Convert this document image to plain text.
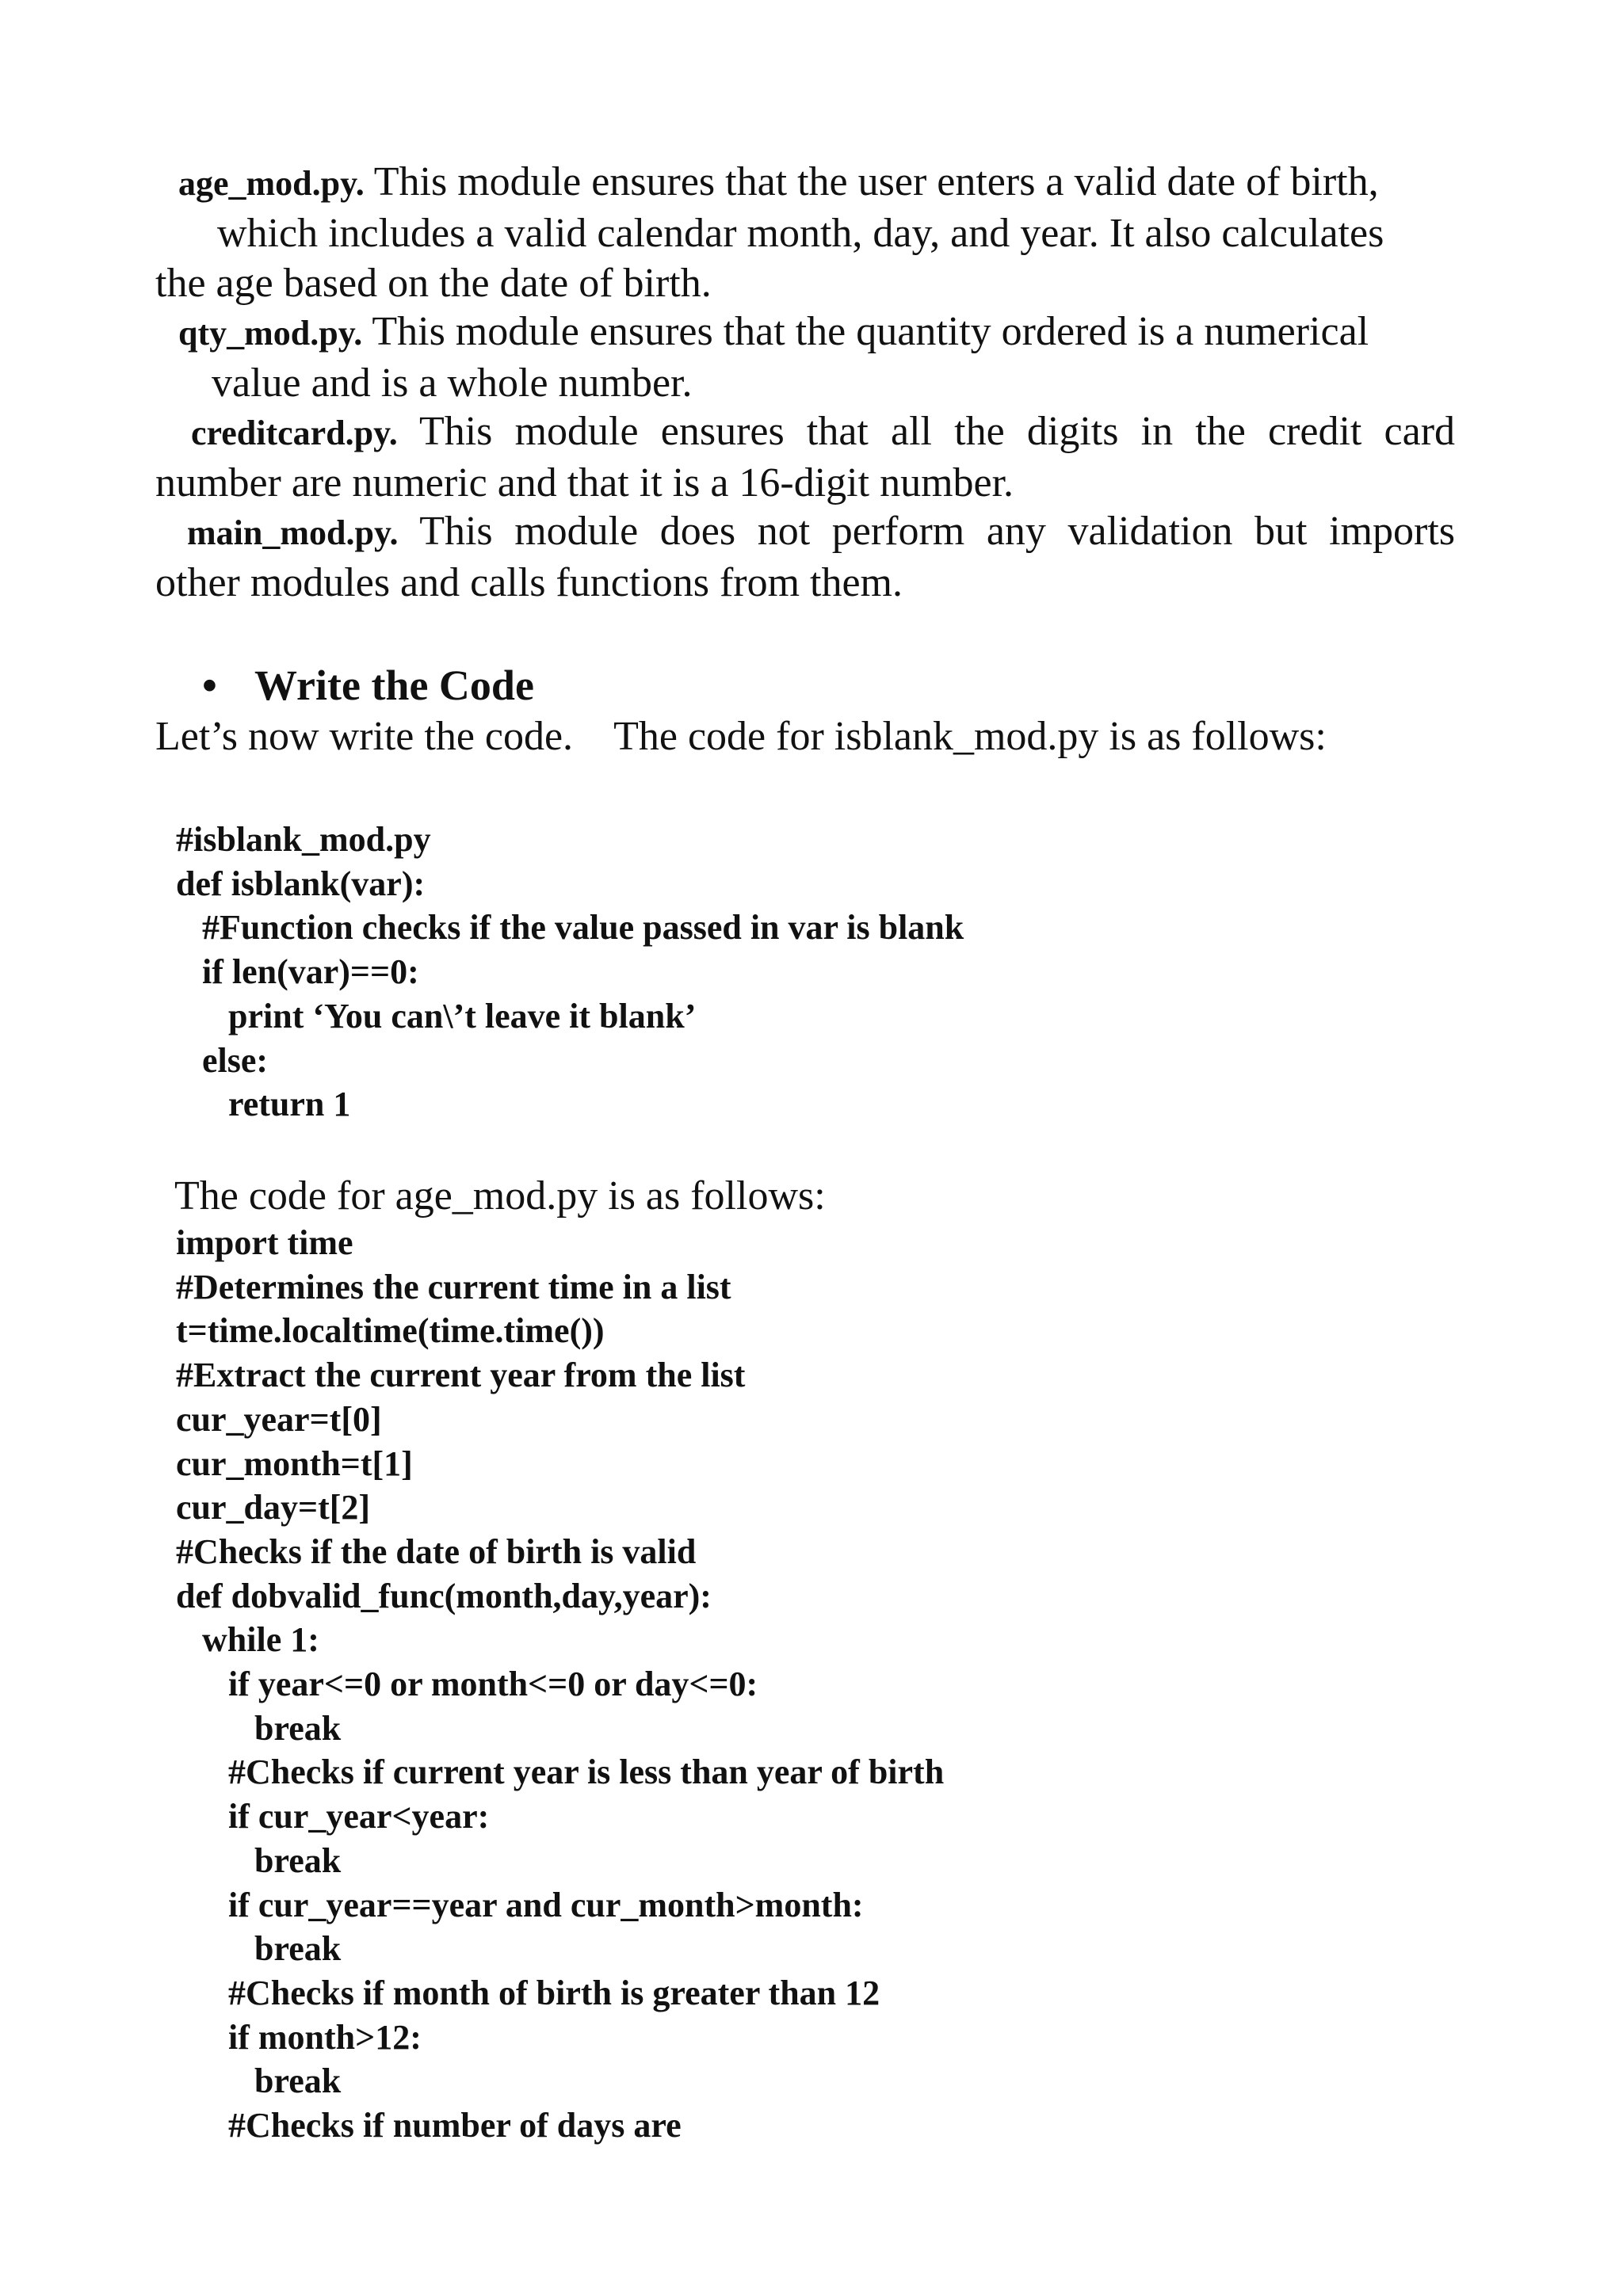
age_mod.py. This module ensures that the user enters a valid date of birth,
which includes a valid calendar month, day, and year. It also calculates
the age based on the date of birth.
qty_mod.py. This module ensures that the quantity ordered is a numerical
value and is a whole number.
creditcard.py. This module ensures that all the digits in the credit card
number are numeric and that it is a 16-digit number.
main_mod.py. This module does not perform any validation but imports
other modules and calls functions from them.
• Write the Code

Let’s now write the code.    The code for isblank_mod.py is as follows:

#isblank_mod.py
def isblank(var):
#Function checks if the value passed in var is blank
if len(var)==0:
print ‘You can\’t leave it blank’
else:
return 1

The code for age_mod.py is as follows:

import time
#Determines the current time in a list
t=time.localtime(time.time())
#Extract the current year from the list
cur_year=t[0]
cur_month=t[1]
cur_day=t[2]
#Checks if the date of birth is valid
def dobvalid_func(month,day,year):
while 1:
if year<=0 or month<=0 or day<=0:
break
#Checks if current year is less than year of birth
if cur_year<year:
break
if cur_year==year and cur_month>month:
break
#Checks if month of birth is greater than 12
if month>12:
break
#Checks if number of days are
